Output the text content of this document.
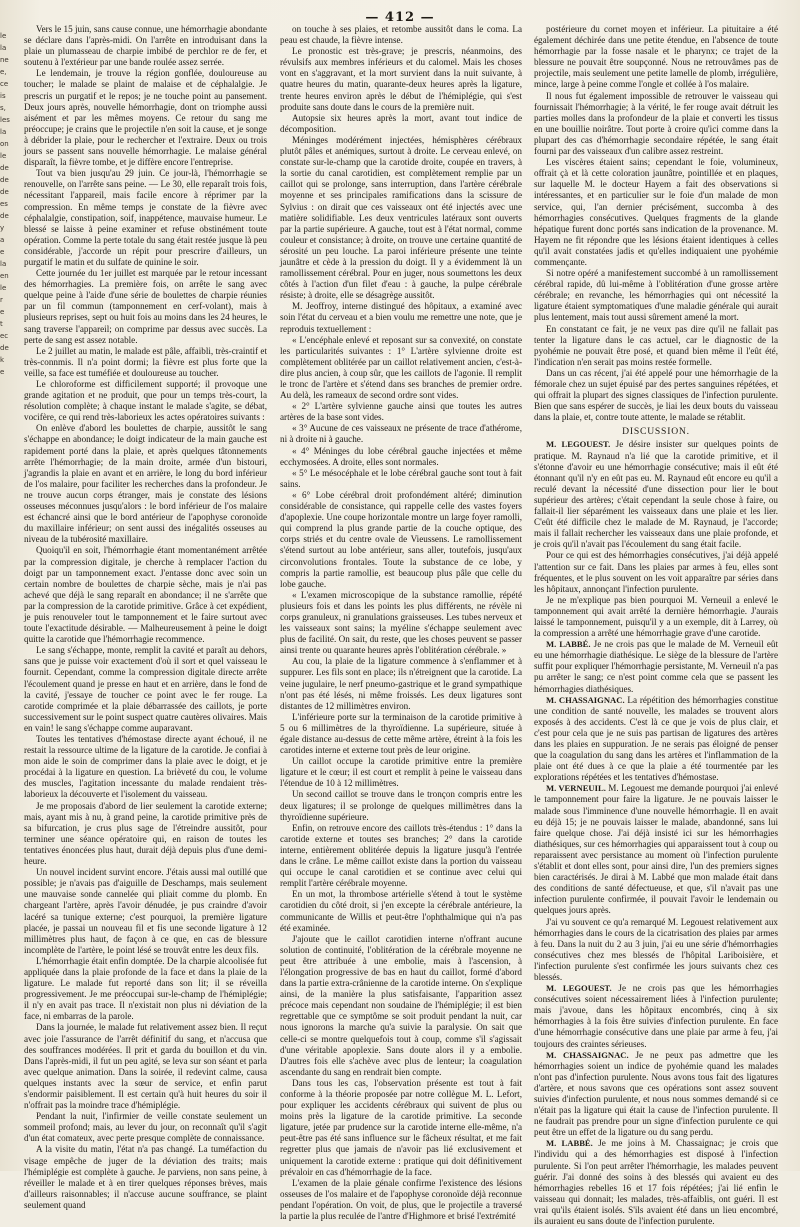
— 412 —
le
la
ne
e,
ce
is
s,
les
la
on
le
de
de
de
es
de
y
a
e
la
en
le
r
e
t
ec
de
k
e

Vers le 15 juin, sans cause connue, une hémorrhagie abondante se déclare dans l'après-midi. On l'arrête en introduisant dans la plaie un plumasseau de charpie imbibé de perchlor re de fer, et soutenu à l'extérieur par une bande roulée assez serrée.

Le lendemain, je trouve la région gonflée, douloureuse au toucher; le malade se plaint de malaise et de céphalalgie. Je prescris un purgatif et le repos; je ne touche point au pansement. Deux jours après, nouvelle hémorrhagie, dont on triomphe aussi aisément et par les mêmes moyens. Ce retour du sang me préoccupe; je crains que le projectile n'en soit la cause, et je songe à débrider la plaie, pour le rechercher et l'extraire. Deux ou trois jours se passent sans nouvelle hémorrhagie. Le malaise général disparaît, la fièvre tombe, et je diffère encore l'entreprise.

Tout va bien jusqu'au 29 juin. Ce jour-là, l'hémorrhagie se renouvelle, on l'arrête sans peine. — Le 30, elle reparaît trois fois, nécessitant l'appareil, mais facile encore à réprimer par la compression. En même temps je constate de la fièvre avec céphalalgie, constipation, soif, inappétence, mauvaise humeur. Le blessé se laisse à peine examiner et refuse obstinément toute opération. Comme la perte totale du sang était restée jusque là peu considérable, j'accorde un répit pour prescrire d'ailleurs, un purgatif le matin et du sulfate de quinine le soir.

Cette journée du 1er juillet est marquée par le retour incessant des hémorrhagies. La première fois, on arrête le sang avec quelque peine à l'aide d'une série de boulettes de charpie réunies par un fil commun (tamponnement en cerf-volant), mais à plusieurs reprises, sept ou huit fois au moins dans les 24 heures, le sang traverse l'appareil; on comprime par dessus avec succès. La perte de sang est assez notable.

Le 2 juillet au matin, le malade est pâle, affaibli, très-craintif et très-connmis. Il n'a point dormi; la fièvre est plus forte que la veille, sa face est tuméfiée et douloureuse au toucher.

Le chloroforme est difficilement supporté; il provoque une grande agitation et ne produit, que pour un temps très-court, la résolution complète; à chaque instant le malade s'agite, se débat, vocifère, ce qui rend très-laborieux les actes opératoires suivants :

On enlève d'abord les boulettes de charpie, aussitôt le sang s'échappe en abondance; le doigt indicateur de la main gauche est rapidement porté dans la plaie, et après quelques tâtonnements arrête l'hémorrhagie; de la main droite, armée d'un bistouri, j'agrandis la plaie en avant et en arrière, le long du bord inférieur de l'os malaire, pour faciliter les recherches dans la profondeur. Je ne trouve aucun corps étranger, mais je constate des lésions osseuses méconnues jusqu'alors : le bord inférieur de l'os malaire est échancré ainsi que le bord antérieur de l'apophyse coronoïde du maxillaire inférieur; on sent aussi des inégalités osseuses au niveau de la tubérosité maxillaire.

Quoiqu'il en soit, l'hémorrhagie étant momentanément arrêtée par la compression digitale, je cherche à remplacer l'action du doigt par un tamponnement exact. J'entasse donc avec soin un certain nombre de boulettes de charpie sèche, mais je n'ai pas achevé que déjà le sang reparaît en abondance; il ne s'arrête que par la compression de la carotide primitive. Grâce à cet expédient, je puis renouveler tout le tamponnement et le faire surtout avec toute l'exactitude désirable. — Malheureusement à peine le doigt quitte la carotide que l'hémorrhagie recommence.

Le sang s'échappe, monte, remplit la cavité et paraît au dehors, sans que je puisse voir exactement d'où il sort et quel vaisseau le fournit. Cependant, comme la compression digitale directe arrête l'écoulement quand je presse en haut et en arrière, dans le fond de la cavité, j'essaye de toucher ce point avec le fer rouge. La carotide comprimée et la plaie débarrassée des caillots, je porte successivement sur le point suspect quatre cautères olivaires. Mais en vain! le sang s'échappe comme auparavant.

Toutes les tentatives d'hémostase directe ayant échoué, il ne restait la ressource ultime de la ligature de la carotide. Je confiai à mon aide le soin de comprimer dans la plaie avec le doigt, et je procédai à la ligature en question. La brièveté du cou, le volume des muscles, l'agitation incessante du malade rendaient très-laborieux la découverte et l'isolement du vaisseau.

Je me proposais d'abord de lier seulement la carotide externe; mais, ayant mis à nu, à grand peine, la carotide primitive près de sa bifurcation, je crus plus sage de l'étreindre aussitôt, pour terminer une séance opératoire qui, en raison de toutes les tentatives énoncées plus haut, durait déjà depuis plus d'une demi-heure.

Un nouvel incident survint encore. J'étais aussi mal outillé que possible; je n'avais pas d'aiguille de Deschamps, mais seulement une mauvaise sonde cannelée qui pliait comme du plomb. En chargeant l'artère, après l'avoir dénudée, je pus craindre d'avoir lacéré sa tunique externe; c'est pourquoi, la première ligature placée, je passai un nouveau fil et fis une seconde ligature à 12 millimètres plus haut, de façon à ce que, en cas de blessure incomplète de l'artère, le point lésé se trouvât entre les deux fils.

L'hémorrhagie était enfin domptée. De la charpie alcoolisée fut appliquée dans la plaie profonde de la face et dans la plaie de la ligature. Le malade fut reporté dans son lit; il se réveilla progressivement. Je me préoccupai sur-le-champ de l'hémiplégie; il n'y en avait pas trace. Il n'existait non plus ni déviation de la face, ni embarras de la parole.

Dans la journée, le malade fut relativement assez bien. Il reçut avec joie l'assurance de l'arrêt définitif du sang, et n'accusa que des souffrances modérées. Il prit et garda du bouillon et du vin. Dans l'après-midi, il fut un peu agité, se leva sur son séant et parla avec quelque animation. Dans la soirée, il redevint calme, causa quelques instants avec la sœur de service, et enfin parut s'endormir paisiblement. Il est certain qu'à huit heures du soir il n'offrait pas la moindre trace d'hémiplégie.

Pendant la nuit, l'infirmier de veille constate seulement un sommeil profond; mais, au lever du jour, on reconnaît qu'il s'agit d'un état comateux, avec perte presque complète de connaissance.

A la visite du matin, l'état n'a pas changé. La tuméfaction du visage empêche de juger de la déviation des traits; mais l'hémiplégie est complète à gauche. Je parviens, non sans peine, à réveiller le malade et à en tirer quelques réponses brèves, mais d'ailleurs raisonnables; il n'accuse aucune souffrance, se plaint seulement quand

on touche à ses plaies, et retombe aussitôt dans le coma. La peau est chaude, la fièvre intense.

Le pronostic est très-grave; je prescris, néanmoins, des révulsifs aux membres inférieurs et du calomel. Mais les choses vont en s'aggravant, et la mort survient dans la nuit suivante, à quatre heures du matin, quarante-deux heures après la ligature, trente heures environ après le début de l'hémiplégie, qui s'est produite sans doute dans le cours de la première nuit.

Autopsie six heures après la mort, avant tout indice de décomposition.

Méninges modérément injectées, hémisphères cérébraux plutôt pâles et anémiques, surtout à droite. Le cerveau enlevé, on constate sur-le-champ que la carotide droite, coupée en travers, à la sortie du canal carotidien, est complètement remplie par un caillot qui se prolonge, sans interruption, dans l'artère cérébrale moyenne et ses principales ramifications dans la scissure de Sylvius : on dirait que ces vaisseaux ont été injectés avec une matière solidifiable. Les deux ventricules latéraux sont ouverts par la partie supérieure. A gauche, tout est à l'état normal, comme couleur et consistance; à droite, on trouve une certaine quantité de sérosité un peu louche. La paroi inférieure présente une teinte jaunâtre et cède à la pression du doigt. Il y a évidemment là un ramollissement cérébral. Pour en juger, nous soumettons les deux côtés à l'action d'un filet d'eau : à gauche, la pulpe cérébrale résiste; à droite, elle se désagrège aussitôt.

M. Jeoffroy, interne distingué des hôpitaux, a examiné avec soin l'état du cerveau et a bien voulu me remettre une note, que je reproduis textuellement :

« L'encéphale enlevé et reposant sur sa convexité, on constate les particularités suivantes : 1° L'artère sylvienne droite est complètement oblitérée par un caillot relativement ancien, c'est-à-dire plus ancien, à coup sûr, que les caillots de l'agonie. Il remplit le tronc de l'artère et s'étend dans ses branches de premier ordre. Au delà, les rameaux de second ordre sont vides.

« 2° L'artère sylvienne gauche ainsi que toutes les autres artères de la base sont vides.

« 3° Aucune de ces vaisseaux ne présente de trace d'athérome, ni à droite ni à gauche.

« 4° Méninges du lobe cérébral gauche injectées et même ecchymosées. A droite, elles sont normales.

« 5° Le mésocéphale et le lobe cérébral gauche sont tout à fait sains.

« 6° Lobe cérébral droit profondément altéré; diminution considérable de consistance, qui rappelle celle des vastes foyers d'apoplexie. Une coupe horizontale montre un large foyer ramolli, qui comprend la plus grande partie de la couche optique, des corps striés et du centre ovale de Vieussens. Le ramollissement s'étend surtout au lobe antérieur, sans aller, toutefois, jusqu'aux circonvolutions frontales. Toute la substance de ce lobe, y compris la partie ramollie, est beaucoup plus pâle que celle du lobe gauche.

« L'examen microscopique de la substance ramollie, répété plusieurs fois et dans les points les plus différents, ne révèle ni corps granuleux, ni granulations graisseuses. Les tubes nerveux et les vaisseaux sont sains; la myéline s'échappe seulement avec plus de facilité. On sait, du reste, que les choses peuvent se passer ainsi trente ou quarante heures après l'oblitération cérébrale. »

Au cou, la plaie de la ligature commence à s'enflammer et à suppurer. Les fils sont en place; ils n'étreignent que la carotide. La veine jugulaire, le nerf pneumo-gastrique et le grand sympathique n'ont pas été lésés, ni même froissés. Les deux ligatures sont distantes de 12 millimètres environ.

L'inférieure porte sur la terminaison de la carotide primitive à 5 ou 6 millimètres de la thyroïdienne. La supérieure, située à égale distance au-dessus de cette même artère, étreint à la fois les carotides interne et externe tout près de leur origine.

Un caillot occupe la carotide primitive entre la première ligature et le cœur; il est court et remplit à peine le vaisseau dans l'étendue de 10 à 12 millimètres.

Un second caillot se trouve dans le tronçon compris entre les deux ligatures; il se prolonge de quelques millimètres dans la thyroïdienne supérieure.

Enfin, on retrouve encore des caillots très-étendus : 1° dans la carotide externe et toutes ses branches; 2° dans la carotide interne, entièrement oblitérée depuis la ligature jusqu'à l'entrée dans le crâne. Le même caillot existe dans la portion du vaisseau qui occupe le canal carotidien et se continue avec celui qui remplit l'artère cérébrale moyenne.

En un mot, la thrombose artérielle s'étend à tout le système carotidien du côté droit, si j'en excepte la cérébrale antérieure, la communicante de Willis et peut-être l'ophthalmique qui n'a pas été examinée.

J'ajoute que le caillot carotidien interne n'offrant aucune solution de continuité, l'oblitération de la cérébrale moyenne ne peut être attribuée à une embolie, mais à l'ascension, à l'élongation progressive de bas en haut du caillot, formé d'abord dans la partie extra-crânienne de la carotide interne. On s'explique ainsi, de la manière la plus satisfaisante, l'apparition assez précoce mais cependant non soudaine de l'hémiplégie; il est bien regrettable que ce symptôme se soit produit pendant la nuit, car nous ignorons la marche qu'a suivie la paralysie. On sait que celle-ci se montre quelquefois tout à coup, comme s'il s'agissait d'une véritable apoplexie. Sans doute alors il y a embolie. D'autres fois elle s'achève avec plus de lenteur; la coagulation ascendante du sang en rendrait bien compte.

Dans tous les cas, l'observation présente est tout à fait conforme à la théorie proposée par notre collègue M. L. Lefort, pour expliquer les accidents cérébraux qui suivent de plus ou moins près la ligature de la carotide primitive. La seconde ligature, jetée par prudence sur la carotide interne elle-même, n'a peut-être pas été sans influence sur le fâcheux résultat, et me fait regretter plus que jamais de n'avoir pas lié exclusivement et uniquement la carotide externe : pratique qui doit définitivement prévaloir en cas d'hémorrhagie de la face.

L'examen de la plaie génale confirme l'existence des lésions osseuses de l'os malaire et de l'apophyse coronoïde déjà reconnue pendant l'opération. On voit, de plus, que le projectile a traversé la partie la plus reculée de l'antre d'Highmore et brisé l'extrémité

postérieure du cornet moyen et inférieur. La pituitaire a été également déchirée dans une petite étendue, en l'absence de toute hémorrhagie par la fosse nasale et le pharynx; ce trajet de la blessure ne pouvait être soupçonné. Nous ne retrouvâmes pas de projectile, mais seulement une petite lamelle de plomb, irrégulière, mince, large à peine comme l'ongle et collée à l'os malaire.

Il nous fut également impossible de retrouver le vaisseau qui fournissait l'hémorrhagie; à la vérité, le fer rouge avait détruit les parties molles dans la profondeur de la plaie et converti les tissus en une bouillie noirâtre. Tout porte à croire qu'ici comme dans la plupart des cas d'hémorrhagie secondaire répétée, le sang était fourni par des vaisseaux d'un calibre assez restreint.

Les viscères étaient sains; cependant le foie, volumineux, offrait çà et là cette coloration jaunâtre, pointillée et en plaques, sur laquelle M. le docteur Hayem a fait des observations si intéressantes, et en particulier sur le foie d'un malade de mon service, qui, l'an dernier précisément, succomba à des hémorrhagies consécutives. Quelques fragments de la glande hépatique furent donc portés sans indication de la provenance. M. Hayem ne fit répondre que les lésions étaient identiques à celles qu'il avait constatées jadis et qu'elles indiquaient une pyohémie commençante.

Si notre opéré a manifestement succombé à un ramollissement cérébral rapide, dû lui-même à l'oblitération d'une grosse artère cérébrale; en revanche, les hémorrhagies qui ont nécessité la ligature étaient symptomatiques d'une maladie générale qui aurait plus lentement, mais tout aussi sûrement amené la mort.

En constatant ce fait, je ne veux pas dire qu'il ne fallait pas tenter la ligature dans le cas actuel, car le diagnostic de la pyohémie ne pouvait être posé, et quand bien même il l'eût été, l'indication n'en serait pas moins restée formelle.

Dans un cas récent, j'ai été appelé pour une hémorrhagie de la fémorale chez un sujet épuisé par des pertes sanguines répétées, et qui offrait la plupart des signes classiques de l'infection purulente. Bien que sans espérer de succès, je liai les deux bouts du vaisseau dans la plaie, et, contre toute attente, le malade se rétablit.

DISCUSSION.

M. LEGOUEST. Je désire insister sur quelques points de pratique. M. Raynaud n'a lié que la carotide primitive, et il s'étonne d'avoir eu une hémorrhagie consécutive; mais il eût été étonnant qu'il n'y en eût pas eu. M. Raynaud eût encore eu qu'il a reculé devant la nécessité d'une dissection pour lier le bout supérieur des artères; c'était cependant la seule chose à faire, ou fallait-il lier séparément les vaisseaux dans une plaie et les lier. C'eût été difficile chez le malade de M. Raynaud, je l'accorde; mais il fallait rechercher les vaisseaux dans une plaie profonde, et je crois qu'il n'avait pas l'écoulement du sang était facile.

Pour ce qui est des hémorrhagies consécutives, j'ai déjà appelé l'attention sur ce fait. Dans les plaies par armes à feu, elles sont fréquentes, et le plus souvent on les voit apparaître par séries dans les hôpitaux, annonçant l'infection purulente.

Je ne m'explique pas bien pourquoi M. Verneuil a enlevé le tamponnement qui avait arrêté la dernière hémorrhagie. J'aurais laissé le tamponnement, puisqu'il y a un exemple, dit à Larrey, où la compression a arrêté une hémorrhagie grave d'une carotide.

M. LABBÉ. Je ne crois pas que le malade de M. Verneuil eût eu une hémorrhagie diathésique. Le siège de la blessure de l'artère suffit pour expliquer l'hémorrhagie persistante, M. Verneuil n'a pas pu arrêter le sang; ce n'est point comme cela que se passent les hémorrhagies diathésiques.

M. CHASSAIGNAC. La répétition des hémorrhagies constitue une condition de santé nouvelle, les malades se trouvent alors exposés à des accidents. C'est là ce que je vois de plus clair, et c'est pour cela que je ne suis pas partisan de ligatures des artères dans les plaies en suppuration. Je ne serais pas éloigné de penser que la coagulation du sang dans les artères et l'inflammation de la plaie ont été dues à ce que la plaie a été tourmentée par les explorations répétées et les tentatives d'hémostase.

M. VERNEUIL. M. Legouest me demande pourquoi j'ai enlevé le tamponnement pour faire la ligature. Je ne pouvais laisser le malade sous l'imminence d'une nouvelle hémorrhagie. Il en avait eu déjà 15; je ne pouvais laisser le malade, abandonné, sans lui faire quelque chose. J'ai déjà insisté ici sur les hémorrhagies diathésiques, sur ces hémorrhagies qui apparaissent tout à coup ou reparaissent avec persistance au moment où l'infection purulente s'établit et dont elles sont, pour ainsi dire, l'un des premiers signes bien caractérisés. Je dirai à M. Labbé que mon malade était dans des conditions de santé défectueuse, et que, s'il n'avait pas une infection purulente confirmée, il pouvait l'avoir le lendemain ou quelques jours après.

J'ai vu souvent ce qu'a remarqué M. Legouest relativement aux hémorrhagies dans le cours de la cicatrisation des plaies par armes à feu. Dans la nuit du 2 au 3 juin, j'ai eu une série d'hémorrhagies consécutives chez mes blessés de l'hôpital Lariboisière, et l'infection purulente s'est confirmée les jours suivants chez ces blessés.

M. LEGOUEST. Je ne crois pas que les hémorrhagies consécutives soient nécessairement liées à l'infection purulente; mais j'avoue, dans les hôpitaux encombrés, cinq à six hémorrhagies à la fois être suivies d'infection purulente. En face d'une hémorrhagie consécutive dans une plaie par arme à feu, j'ai toujours des craintes sérieuses.

M. CHASSAIGNAC. Je ne peux pas admettre que les hémorrhagies soient un indice de pyohémie quand les malades n'ont pas d'infection purulente. Nous avons tous fait des ligatures d'artère, et nous savons que ces opérations sont assez souvent suivies d'infection purulente, et nous nous sommes demandé si ce n'était pas la ligature qui était la cause de l'infection purulente. Il ne faudrait pas prendre pour un signe d'infection purulente ce qui peut être un effet de la ligature ou du sang perdu.

M. LABBÉ. Je me joins à M. Chassaignac; je crois que l'individu qui a des hémorrhagies est disposé à l'infection purulente. Si l'on peut arrêter l'hémorrhagie, les malades peuvent guérir. J'ai donné des soins à des blessés qui avaient eu des hémorrhagies rebelles 16 et 17 fois répétées; j'ai lié enfin le vaisseau qui donnait; les malades, très-affaiblis, ont guéri. Il est vrai qu'ils étaient isolés. S'ils avaient été dans un lieu encombré, ils auraient eu sans doute de l'infection purulente.
